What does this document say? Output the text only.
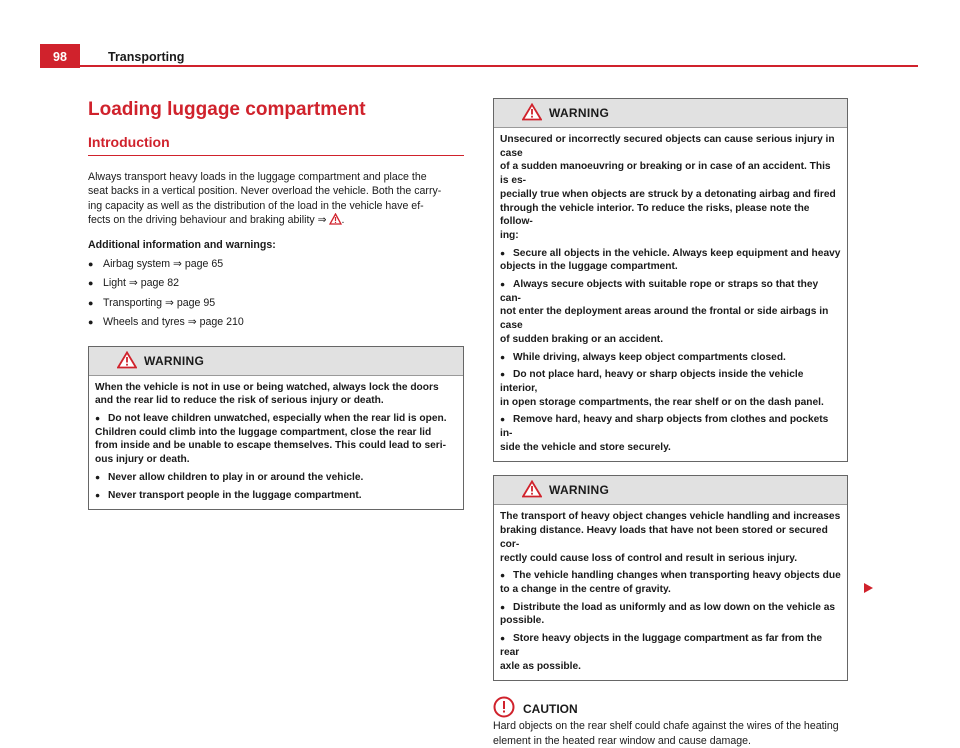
98	Transporting
Loading luggage compartment
Introduction
Always transport heavy loads in the luggage compartment and place the
seat backs in a vertical position. Never overload the vehicle. Both the carry-
ing capacity as well as the distribution of the load in the vehicle have ef-
fects on the driving behaviour and braking ability ⇒ .
Additional information and warnings:
● Airbag system ⇒ page 65
● Light ⇒ page 82
● Transporting ⇒ page 95
● Wheels and tyres ⇒ page 210
WARNING

When the vehicle is not in use or being watched, always lock the doors
and the rear lid to reduce the risk of serious injury or death.

● Do not leave children unwatched, especially when the rear lid is open.
Children could climb into the luggage compartment, close the rear lid
from inside and be unable to escape themselves. This could lead to seri-
ous injury or death.

● Never allow children to play in or around the vehicle.

● Never transport people in the luggage compartment.

WARNING

Unsecured or incorrectly secured objects can cause serious injury in case
of a sudden manoeuvring or breaking or in case of an accident. This is es-
pecially true when objects are struck by a detonating airbag and fired
through the vehicle interior. To reduce the risks, please note the follow-
ing:

● Secure all objects in the vehicle. Always keep equipment and heavy
objects in the luggage compartment.

● Always secure objects with suitable rope or straps so that they can-
not enter the deployment areas around the frontal or side airbags in case
of sudden braking or an accident.

● While driving, always keep object compartments closed.

● Do not place hard, heavy or sharp objects inside the vehicle interior,
in open storage compartments, the rear shelf or on the dash panel.

● Remove hard, heavy and sharp objects from clothes and pockets in-
side the vehicle and store securely.

WARNING

The transport of heavy object changes vehicle handling and increases
braking distance. Heavy loads that have not been stored or secured cor-
rectly could cause loss of control and result in serious injury.

● The vehicle handling changes when transporting heavy objects due
to a change in the centre of gravity.

● Distribute the load as uniformly and as low down on the vehicle as
possible.

● Store heavy objects in the luggage compartment as far from the rear
axle as possible.

CAUTION
Hard objects on the rear shelf could chafe against the wires of the heating
element in the heated rear window and cause damage.
